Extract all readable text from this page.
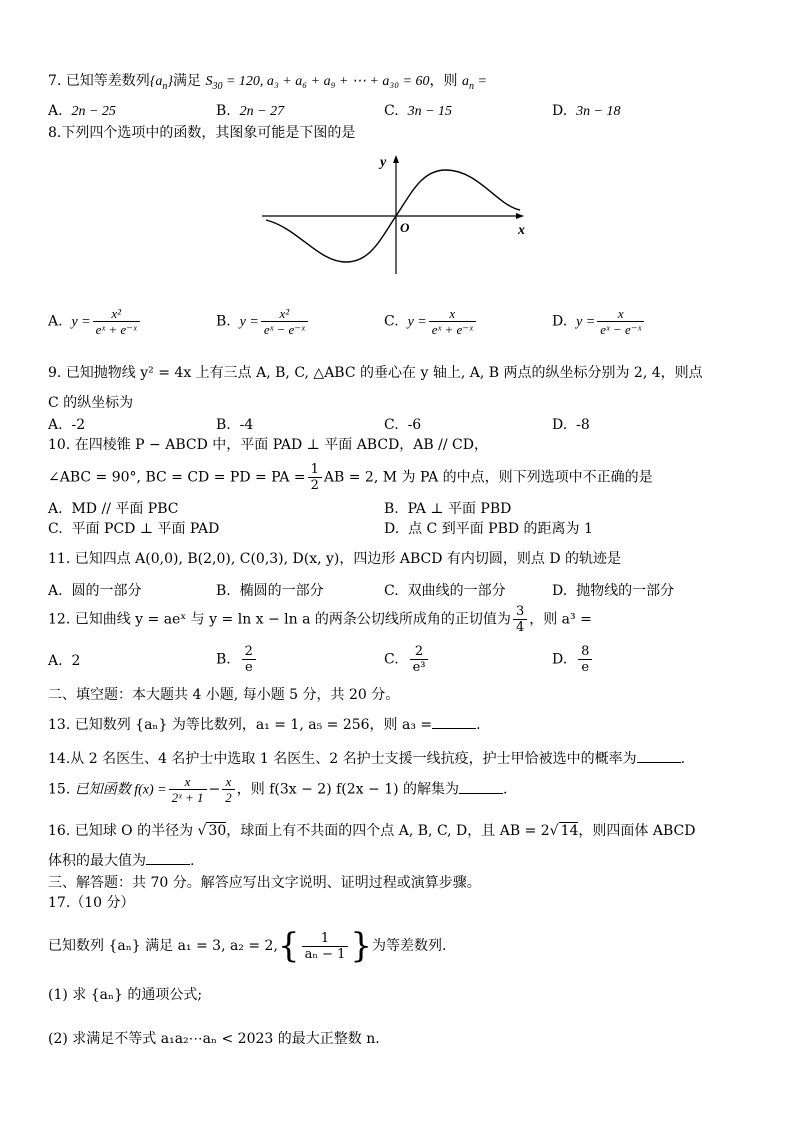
7. 已知等差数列$\{a_n\}$满足 $S_{30} = 120$, a₃ + a₆ + a₉ + ⋯ + a₃₀ = 60，则 $a_n$ =
A. 2n − 25	B. 2n − 27	C. 3n − 15	D. 3n − 18
8.下列四个选项中的函数，其图象可能是下图的是
y
x
O
A. $y = \frac{\text{x²}}{\text{eˣ + e⁻ˣ}}$	B. $y = \frac{\text{x²}}{\text{eˣ − e⁻ˣ}}$	C. $y = \frac{x}{\text{eˣ + e⁻ˣ}}$	D. $y = \frac{x}{\text{eˣ − e⁻ˣ}}$
9. 已知抛物线 y² = 4x 上有三点 A, B, C, △ABC 的垂心在 y 轴上, A, B 两点的纵坐标分别为 2, 4，则点
C 的纵坐标为
A. -2	B. -4	C. -6	D. -8
10. 在四棱锥 P − ABCD 中，平面 PAD ⊥ 平面 ABCD，AB // CD，
∠ABC = 90°, BC = CD = PD = PA = $\frac{1}{2}$ AB = 2, M 为 PA 的中点，则下列选项中不正确的是
A. MD // 平面 PBC	B. PA ⊥ 平面 PBD
C. 平面 PCD ⊥ 平面 PAD	D. 点 C 到平面 PBD 的距离为 1
11. 已知四点 A(0,0), B(2,0), C(0,3), D(x, y)，四边形 ABCD 有内切圆，则点 D 的轨迹是
A. 圆的一部分	B. 椭圆的一部分	C. 双曲线的一部分	D. 抛物线的一部分
12. 已知曲线 y = aeˣ 与 y = ln x − ln a 的两条公切线所成角的正切值为 $\frac{3}{4}$ ，则 a³ =
A. 2	B. $\frac{2}{e}$	C. $\frac{2}{\text{e³}}$	D. $\frac{8}{e}$
二、填空题：本大题共 4 小题, 每小题 5 分，共 20 分。
13. 已知数列 {aₙ} 为等比数列，a₁ = 1, a₅ = 256，则 a₃ =	.
14.从 2 名医生、4 名护士中选取 1 名医生、2 名护士支援一线抗疫，护士甲恰被选中的概率为	.
15. 已知函数 $f(x) = \frac{x}{\text{2ˣ + 1}} - \frac{x}{2}$ ，则 f(3x − 2) f(2x − 1) 的解集为	.
16. 已知球 O 的半径为 √ 30，球面上有不共面的四个点 A, B, C, D，且 AB = 2√ 14，则四面体 ABCD
体积的最大值为	.
三、解答题：共 70 分。解答应写出文字说明、证明过程或演算步骤。
17.（10 分）
已知数列 {aₙ} 满足 a₁ = 3, $a_2 = 2,\{ \frac{1}{\text{aₙ − 1}}$ }为等差数列.
(1) 求 {aₙ} 的通项公式;
(2) 求满足不等式 a₁a₂⋯aₙ < 2023 的最大正整数 n.
